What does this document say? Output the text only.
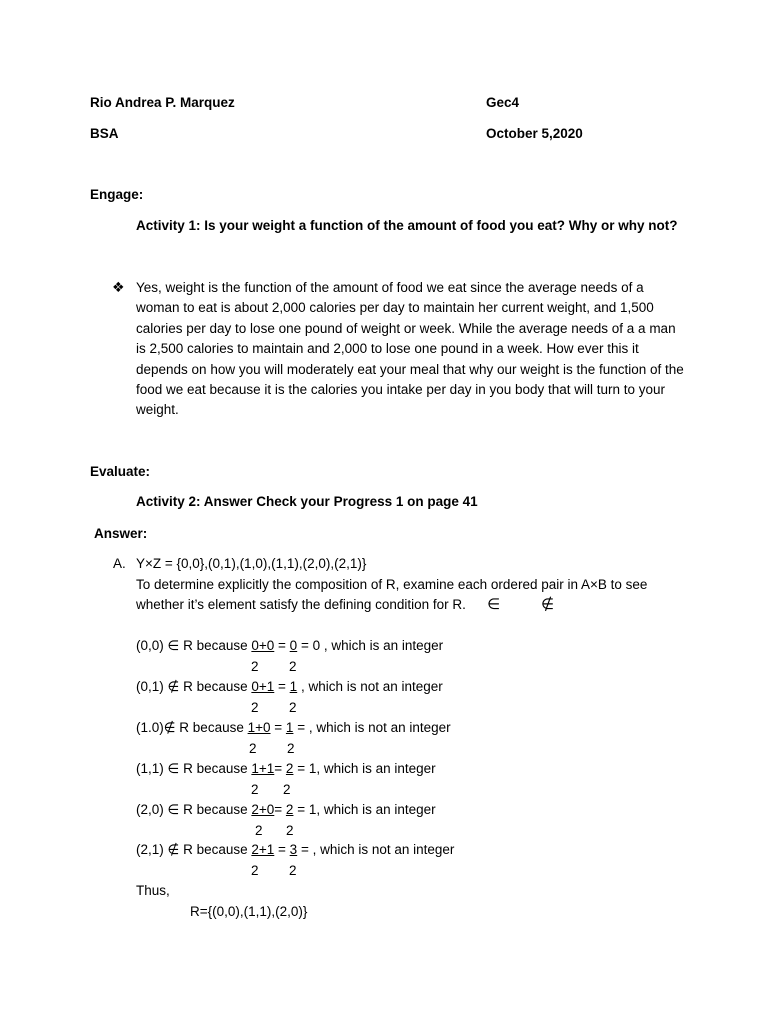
Rio Andrea P. Marquez	Gec4
BSA	October 5,2020
Engage:
Activity 1: Is your weight a function of the amount of food you eat? Why or why not?
❖ Yes, weight is the function of the amount of food we eat since the average needs of a woman to eat is about 2,000 calories per day to maintain her current weight, and 1,500 calories per day to lose one pound of weight or week. While the average needs of a a man is 2,500 calories to maintain and 2,000 to lose one pound in a week. How ever this it depends on how you will moderately eat your meal that why our weight is the function of the food we eat because it is the calories you intake per day in you body that will turn to your weight.
Evaluate:
Activity 2: Answer Check your Progress 1 on page 41
Answer:
A. Y×Z = {0,0},(0,1),(1,0),(1,1),(2,0),(2,1)}
To determine explicitly the composition of R, examine each ordered pair in A×B to see
whether it’s element satisfy the defining condition for R. ∈	∉
(0,0) ∈ R because 0+0 = 0 = 0 , which is an integer
2 2
(0,1) ∉ R because 0+1 = 1 , which is not an integer
2 2
(1.0)∉ R because 1+0 = 1 = , which is not an integer
2 2
(1,1) ∈ R because 1+1= 2 = 1, which is an integer
2 2
(2,0) ∈ R because 2+0= 2 = 1, which is an integer
2 2
(2,1) ∉ R because 2+1 = 3 = , which is not an integer
2 2
Thus,
R={(0,0),(1,1),(2,0)}
